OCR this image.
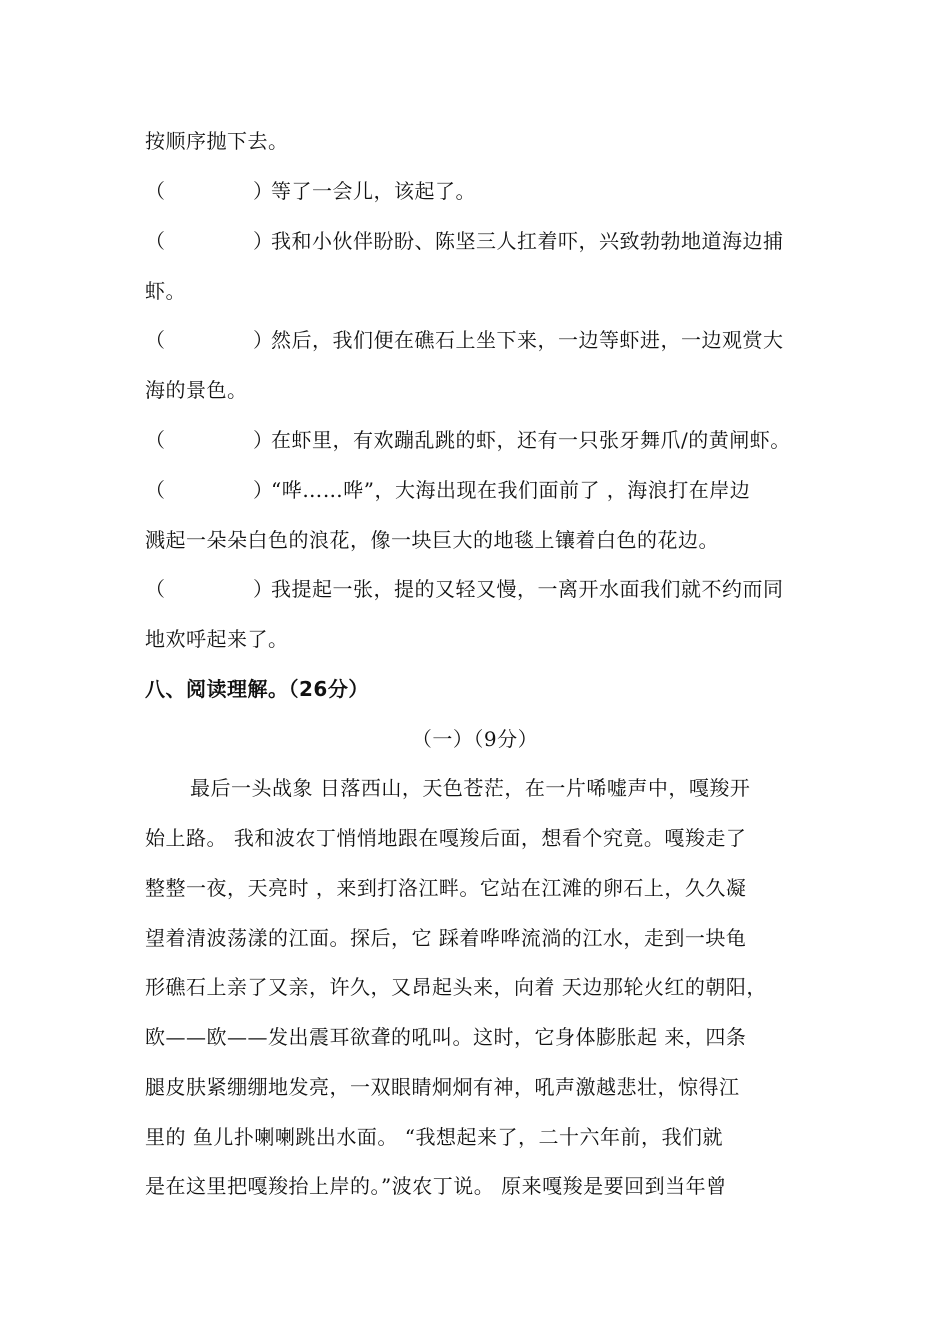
按顺序抛下去。
（	）等了一会儿，该起了。
（	）我和小伙伴盼盼、陈坚三人扛着吓，兴致勃勃地道海边捕
虾。
（	）然后，我们便在礁石上坐下来，一边等虾进，一边观赏大
海的景色。
（	）在虾里，有欢蹦乱跳的虾，还有一只张牙舞爪/的黄闸虾。
（	）“哗……哗”，大海出现在我们面前了 ，海浪打在岸边
溅起一朵朵白色的浪花，像一块巨大的地毯上镶着白色的花边。
（	）我提起一张，提的又轻又慢，一离开水面我们就不约而同
地欢呼起来了。
八、阅读理解。（26分）
（一）（9分）
最后一头战象 日落西山，天色苍茫，在一片唏嘘声中，嘎羧开
始上路。 我和波农丁悄悄地跟在嘎羧后面，想看个究竟。嘎羧走了
整整一夜，天亮时 ，来到打洛江畔。它站在江滩的卵石上，久久凝
望着清波荡漾的江面。探后，它 踩着哗哗流淌的江水，走到一块龟
形礁石上亲了又亲，许久，又昂起头来，向着 天边那轮火红的朝阳，
欧——欧——发出震耳欲聋的吼叫。这时，它身体膨胀起 来，四条
腿皮肤紧绷绷地发亮，一双眼睛炯炯有神，吼声激越悲壮，惊得江
里的 鱼儿扑喇喇跳出水面。 “我想起来了，二十六年前，我们就
是在这里把嘎羧抬上岸的。”波农丁说。 原来嘎羧是要回到当年曾
